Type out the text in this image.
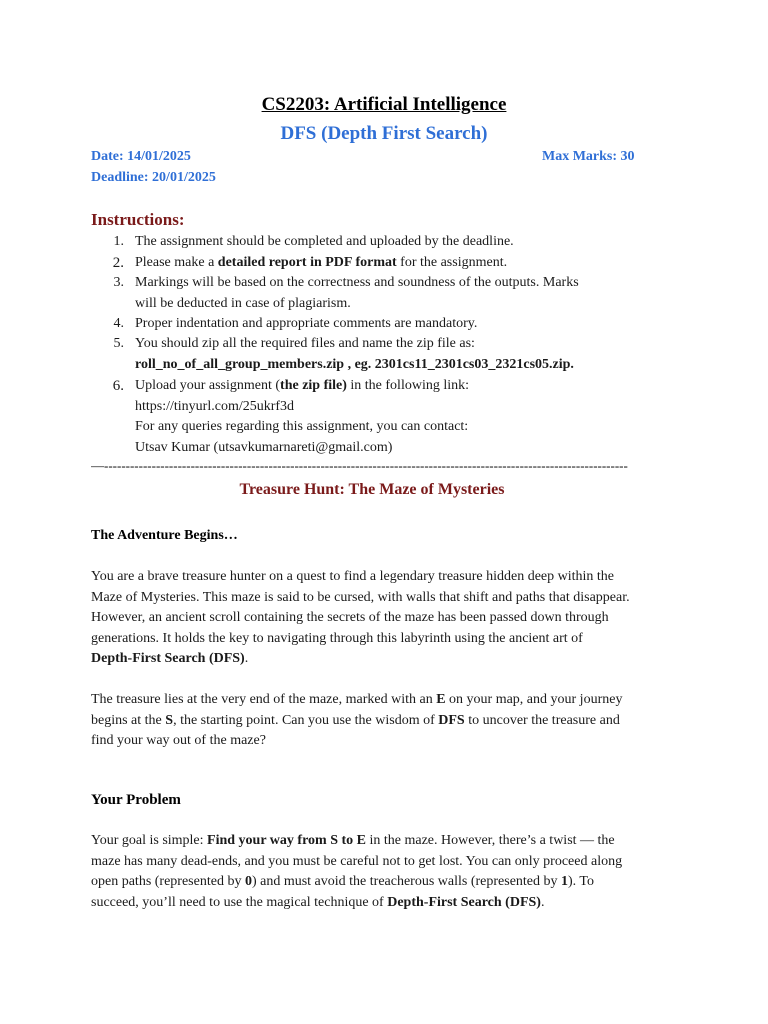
CS2203: Artificial Intelligence
DFS (Depth First Search)
Date: 14/01/2025
Deadline: 20/01/2025
Max Marks: 30
Instructions:
1. The assignment should be completed and uploaded by the deadline.
2. Please make a detailed report in PDF format for the assignment.
3. Markings will be based on the correctness and soundness of the outputs. Marks
will be deducted in case of plagiarism.
4. Proper indentation and appropriate comments are mandatory.
5. You should zip all the required files and name the zip file as:
roll_no_of_all_group_members.zip , eg. 2301cs11_2301cs03_2321cs05.zip.
6. Upload your assignment (the zip file) in the following link:
https://tinyurl.com/25ukrf3d
For any queries regarding this assignment, you can contact:
Utsav Kumar (utsavkumarnareti@gmail.com)
—-------------------------------------------------------------------------------------------------------------------------
Treasure Hunt: The Maze of Mysteries
The Adventure Begins…
You are a brave treasure hunter on a quest to find a legendary treasure hidden deep within the
Maze of Mysteries. This maze is said to be cursed, with walls that shift and paths that disappear.
However, an ancient scroll containing the secrets of the maze has been passed down through
generations. It holds the key to navigating through this labyrinth using the ancient art of
Depth-First Search (DFS).
The treasure lies at the very end of the maze, marked with an E on your map, and your journey
begins at the S, the starting point. Can you use the wisdom of DFS to uncover the treasure and
find your way out of the maze?
Your Problem
Your goal is simple: Find your way from S to E in the maze. However, there’s a twist — the
maze has many dead-ends, and you must be careful not to get lost. You can only proceed along
open paths (represented by 0) and must avoid the treacherous walls (represented by 1). To
succeed, you’ll need to use the magical technique of Depth-First Search (DFS).
